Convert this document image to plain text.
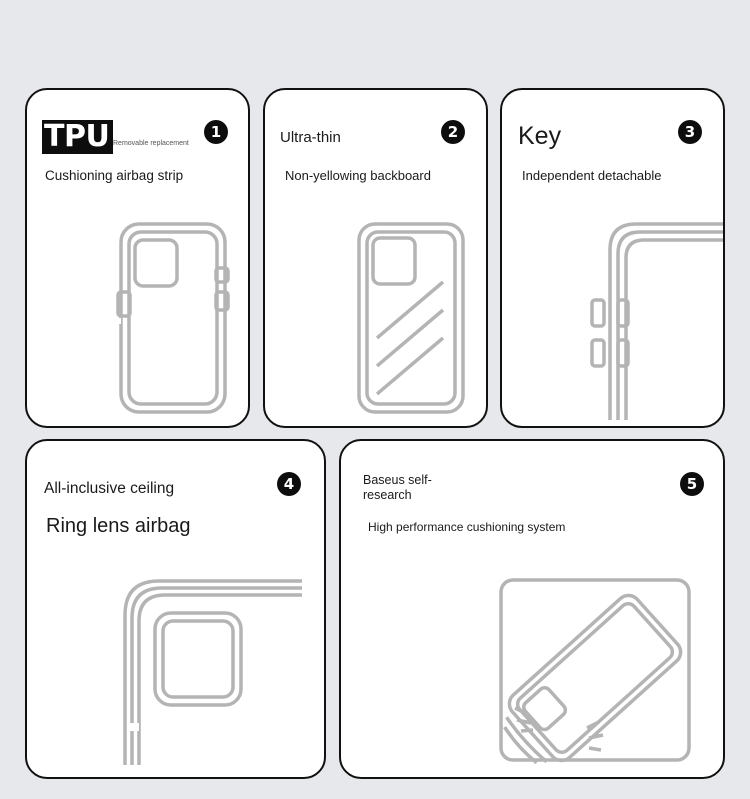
TPU Removable replacement
1
Cushioning airbag strip
Ultra-thin	2
Non-yellowing backboard
Key	3
Independent detachable
All-inclusive ceiling	4
Ring lens airbag
Baseus self-
research
5
High performance cushioning system
